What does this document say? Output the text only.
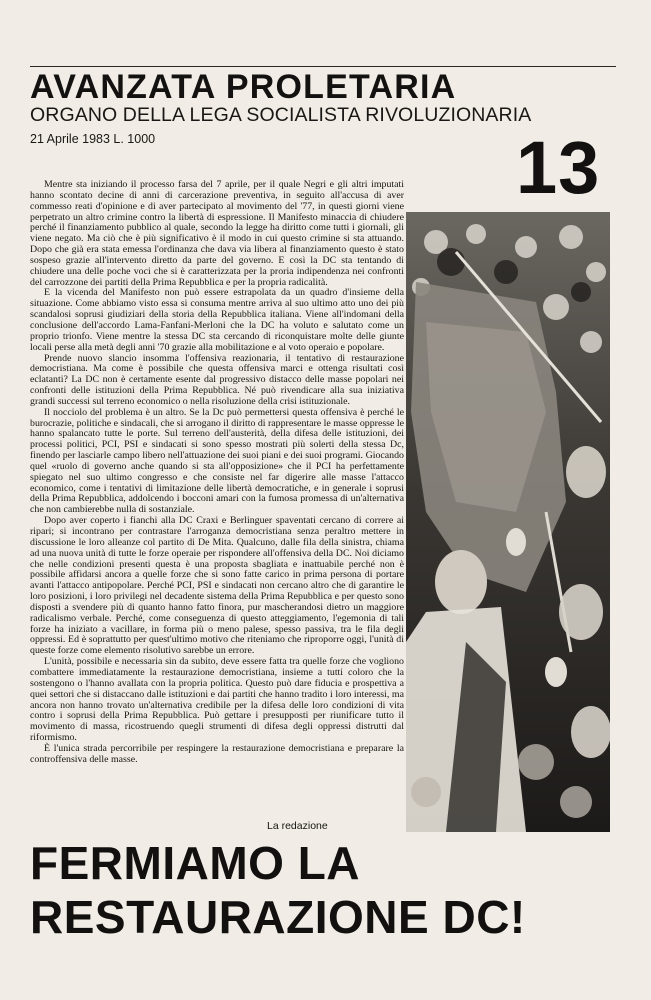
AVANZATA PROLETARIA
ORGANO DELLA LEGA SOCIALISTA RIVOLUZIONARIA
21 Aprile 1983 L. 1000	13

Mentre sta iniziando il processo farsa del 7 aprile, per il quale Negri e gli altri imputati hanno scontato decine di anni di carcerazione preventiva, in seguito all'accusa di aver commesso reati d'opinione e di aver partecipato al movimento del '77, in questi giorni viene perpetrato un altro crimine contro la libertà di espressione. Il Manifesto minaccia di chiudere perché il finanziamento pubblico al quale, secondo la legge ha diritto come tutti i giornali, gli viene negato. Ma ciò che è più significativo è il modo in cui questo crimine si sta attuando. Dopo che già era stata emessa l'ordinanza che dava via libera al finanziamento questo è stato sospeso grazie all'intervento diretto da parte del governo. E così la DC sta tentando di chiudere una delle poche voci che si è caratterizzata per la proria indipendenza nei confronti del carrozzone dei partiti della Prima Repubblica e per la propria radicalità.

E la vicenda del Manifesto non può essere estrapolata da un quadro d'insieme della situazione. Come abbiamo visto essa si consuma mentre arriva al suo ultimo atto uno dei più scandalosi soprusi giudiziari della storia della Repubblica italiana. Viene all'indomani della conclusione dell'accordo Lama-Fanfani-Merloni che la DC ha voluto e salutato come un proprio trionfo. Viene mentre la stessa DC sta cercando di riconquistare molte delle giunte locali perse alla metà degli anni '70 grazie alla mobilitazione e al voto operaio e popolare.

Prende nuovo slancio insomma l'offensiva reazionaria, il tentativo di restaurazione democristiana. Ma come è possibile che questa offensiva marci e ottenga risultati così eclatanti? La DC non è certamente esente dal progressivo distacco delle masse popolari nei confronti delle istituzioni della Prima Repubblica. Né può rivendicare alla sua iniziativa grandi successi sul terreno economico o nella risoluzione della crisi istituzionale.

Il nocciolo del problema è un altro. Se la Dc può permettersi questa offensiva è perché le burocrazie, politiche e sindacali, che si arrogano il diritto di rappresentare le masse oppresse le hanno spalancato tutte le porte. Sul terreno dell'austerità, della difesa delle istituzioni, dei processi politici, PCI, PSI e sindacati si sono spesso mostrati più solerti della stessa Dc, finendo per lasciarle campo libero nell'attuazione dei suoi piani e dei suoi programi. Giocando quel «ruolo di governo anche quando si sta all'opposizione» che il PCI ha perfettamente spiegato nel suo ultimo congresso e che consiste nel far digerire alle masse l'attacco economico, come i tentativi di limitazione delle libertà democratiche, e in generale i soprusi della Prima Repubblica, addolcendo i bocconi amari con la fumosa promessa di un'alternativa che non cambierebbe nulla di sostanziale.

Dopo aver coperto i fianchi alla DC Craxi e Berlinguer spaventati cercano di correre ai ripari; si incontrano per contrastare l'arroganza democristiana senza peraltro mettere in discussione le loro alleanze col partito di De Mita. Qualcuno, dalle fila della sinistra, chiama ad una nuova unità di tutte le forze operaie per rispondere all'offensiva della DC. Noi diciamo che nelle condizioni presenti questa è una proposta sbagliata e inattuabile perché non è possibile affidarsi ancora a quelle forze che si sono fatte carico in prima persona di portare avanti l'attacco antipopolare. Perché PCI, PSI e sindacati non cercano altro che di garantire le loro posizioni, i loro privilegi nel decadente sistema della Prima Repubblica e per questo sono disposti a svendere più di quanto hanno fatto finora, pur mascherandosi dietro un maggiore radicalismo verbale. Perché, come conseguenza di questo atteggiamento, l'egemonia di tali forze ha iniziato a vacillare, in forma più o meno palese, spesso passiva, tra le fila degli oppressi. Ed è soprattutto per quest'ultimo motivo che riteniamo che riproporre oggi, l'unità di queste forze come elemento risolutivo sarebbe un errore.

L'unità, possibile e necessaria sin da subito, deve essere fatta tra quelle forze che vogliono combattere immediatamente la restaurazione democristiana, insieme a tutti coloro che la sostengono o l'hanno avallata con la propria politica. Questo può dare fiducia e prospettiva a quei settori che si distaccano dalle istituzioni e dai partiti che hanno tradito i loro interessi, ma ancora non hanno trovato un'alternativa credibile per la difesa delle loro condizioni di vita contro i soprusi della Prima Repubblica. Può gettare i presupposti per riunificare tutto il movimento di massa, ricostruendo quegli strumenti di difesa degli oppressi distrutti dal riformismo.

È l'unica strada percorribile per respingere la restaurazione democristiana e preparare la controffensiva delle masse.

La redazione
FERMIAMO LA
RESTAURAZIONE DC!
